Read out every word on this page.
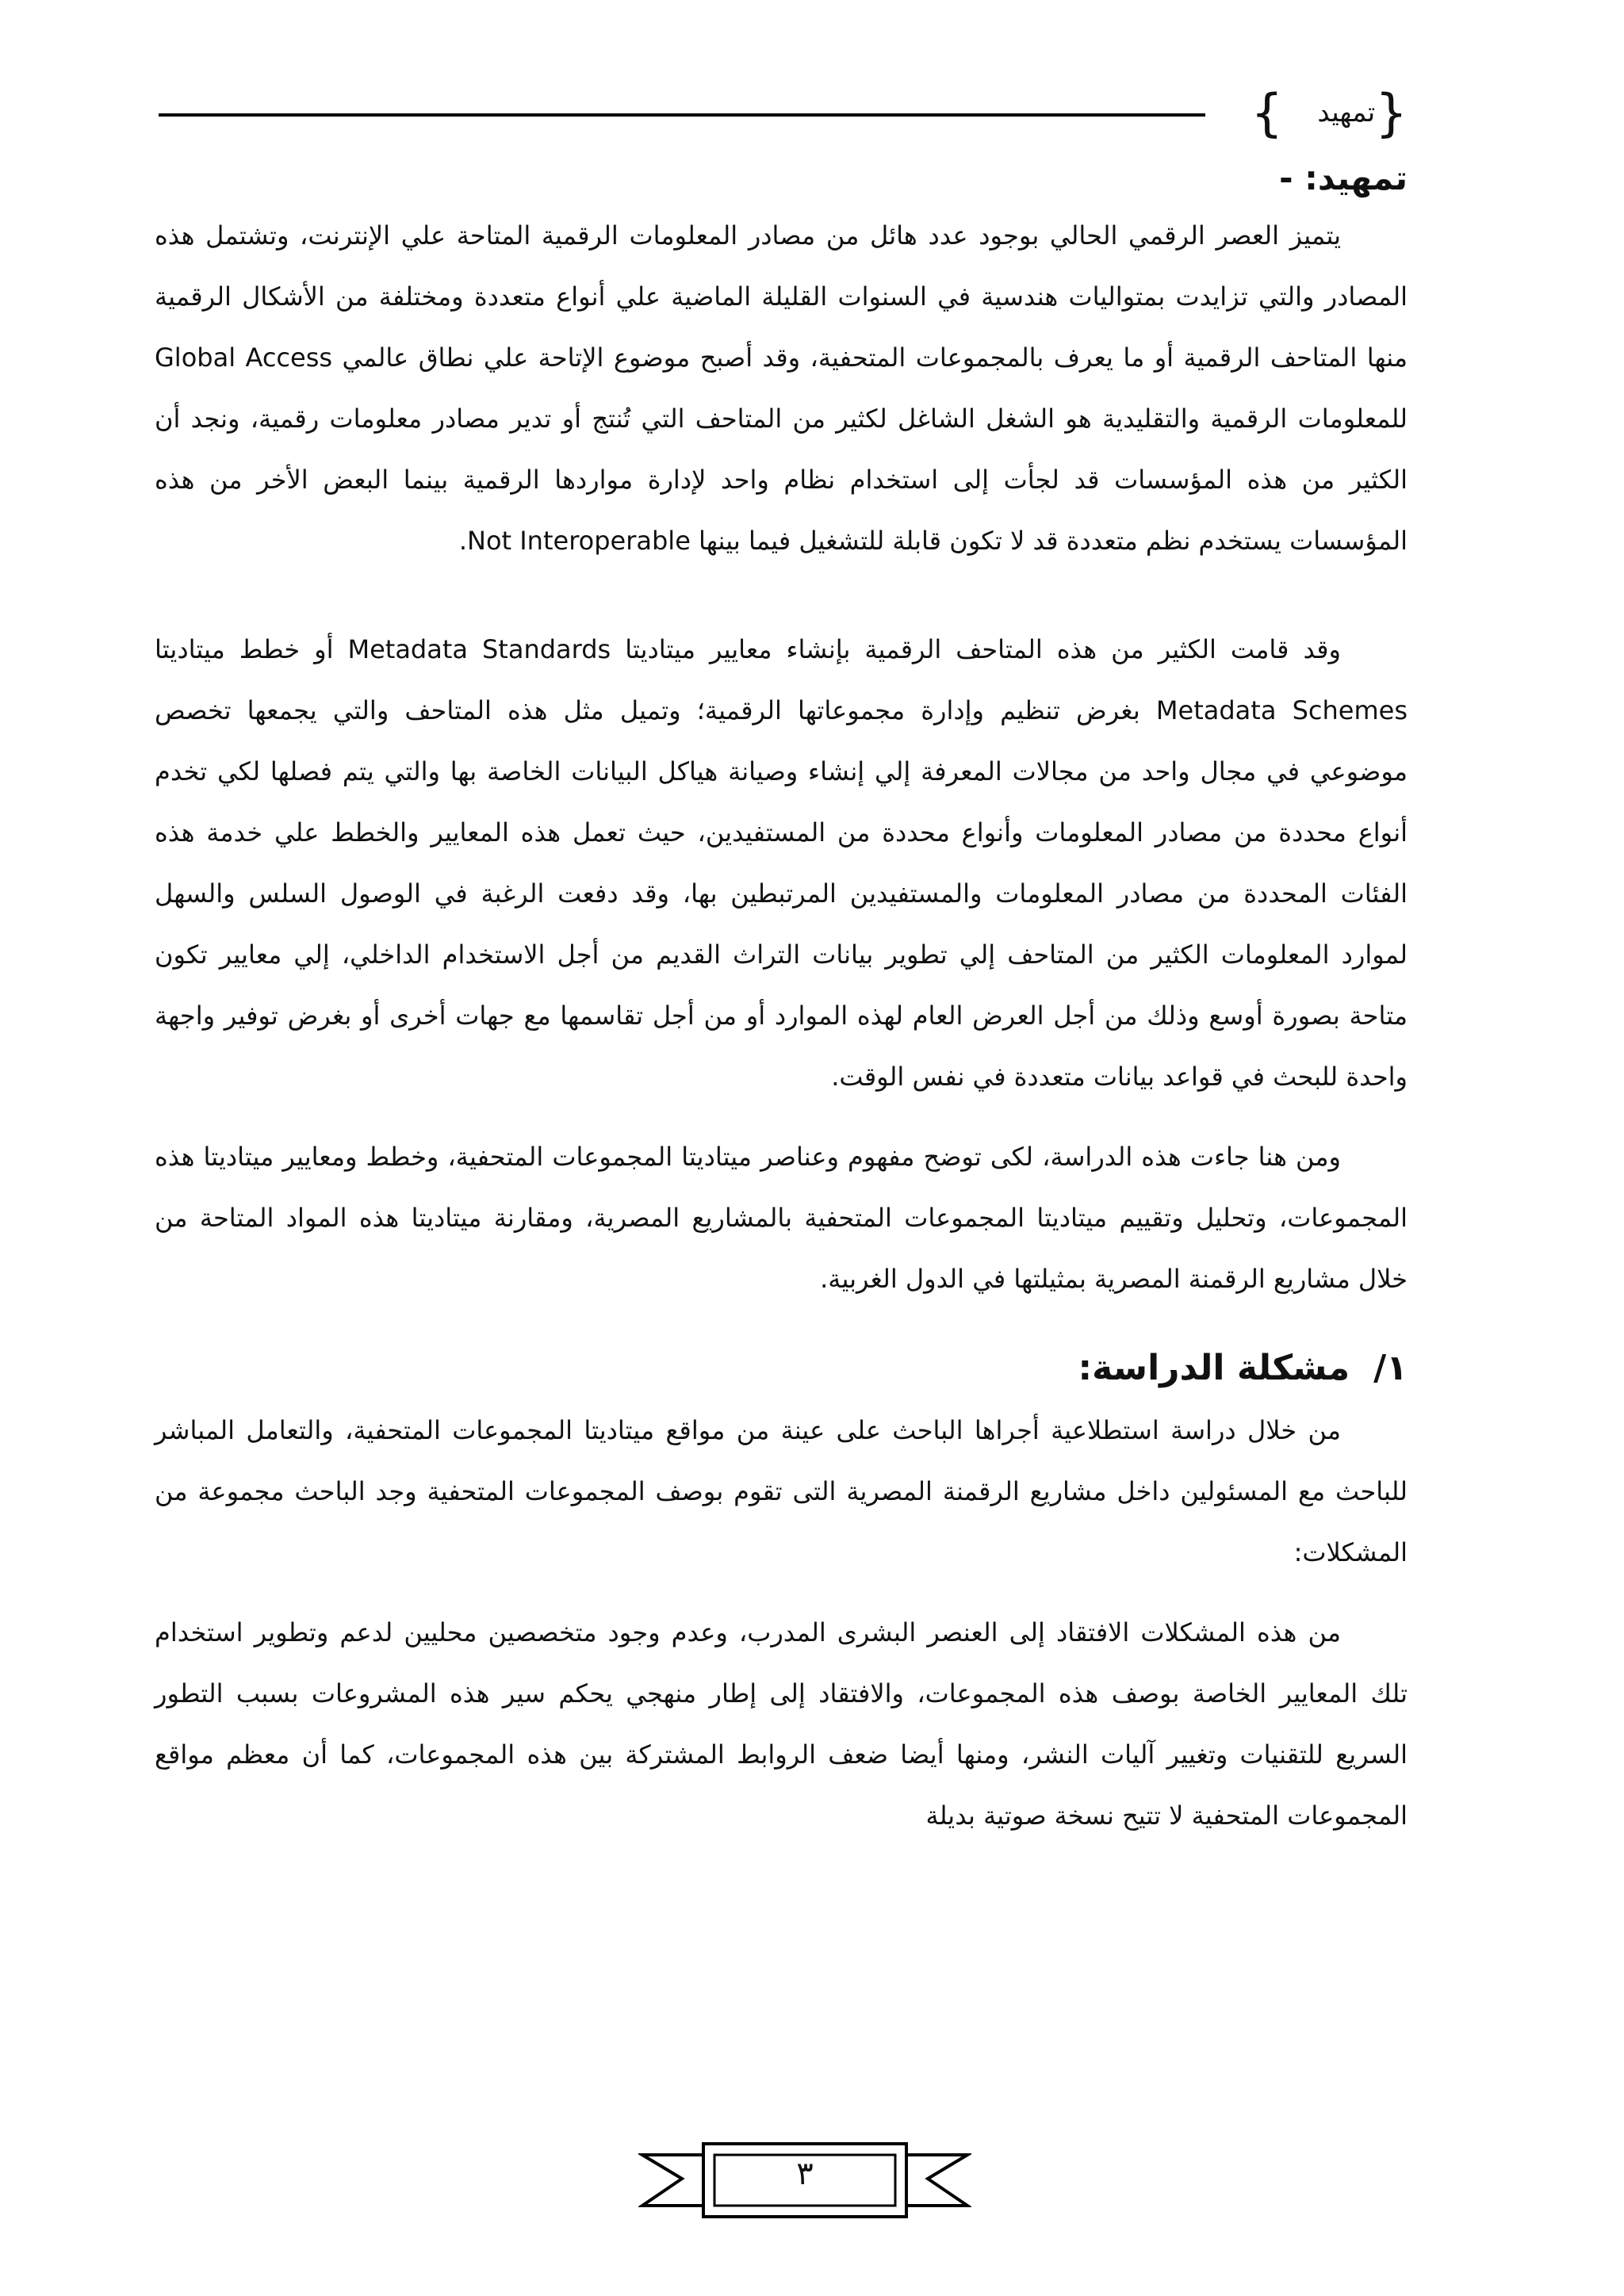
{تمهيد    }
تمهيد: -

يتميز العصر الرقمي الحالي بوجود عدد هائل من مصادر المعلومات الرقمية المتاحة علي الإنترنت، وتشتمل هذه المصادر والتي تزايدت بمتواليات هندسية في السنوات القليلة الماضية علي أنواع متعددة ومختلفة من الأشكال الرقمية منها المتاحف الرقمية أو ما يعرف بالمجموعات المتحفية، وقد أصبح موضوع الإتاحة علي نطاق عالمي Global Access للمعلومات الرقمية والتقليدية هو الشغل الشاغل لكثير من المتاحف التي تُنتج أو تدير مصادر معلومات رقمية، ونجد أن الكثير من هذه المؤسسات قد لجأت إلى استخدام نظام واحد لإدارة مواردها الرقمية بينما البعض الأخر من هذه المؤسسات يستخدم نظم متعددة قد لا تكون قابلة للتشغيل فيما بينها Not Interoperable.

وقد قامت الكثير من هذه المتاحف الرقمية بإنشاء معايير ميتاديتا Metadata Standards أو خطط ميتاديتا Metadata Schemes بغرض تنظيم وإدارة مجموعاتها الرقمية؛ وتميل مثل هذه المتاحف والتي يجمعها تخصص موضوعي في مجال واحد من مجالات المعرفة إلي إنشاء وصيانة هياكل البيانات الخاصة بها والتي يتم فصلها لكي تخدم أنواع محددة من مصادر المعلومات وأنواع محددة من المستفيدين، حيث تعمل هذه المعايير والخطط علي خدمة هذه الفئات المحددة من مصادر المعلومات والمستفيدين المرتبطين بها، وقد دفعت الرغبة في الوصول السلس والسهل لموارد المعلومات الكثير من المتاحف إلي تطوير بيانات التراث القديم من أجل الاستخدام الداخلي، إلي معايير تكون متاحة بصورة أوسع وذلك من أجل العرض العام لهذه الموارد أو من أجل تقاسمها مع جهات أخرى أو بغرض توفير واجهة واحدة للبحث في قواعد بيانات متعددة في نفس الوقت.

ومن هنا جاءت هذه الدراسة، لكى توضح مفهوم وعناصر ميتاديتا المجموعات المتحفية، وخطط ومعايير ميتاديتا هذه المجموعات، وتحليل وتقييم ميتاديتا المجموعات المتحفية بالمشاريع المصرية، ومقارنة ميتاديتا هذه المواد المتاحة من خلال مشاريع الرقمنة المصرية بمثيلتها في الدول الغربية.

١/مشكلة الدراسة:

من خلال دراسة استطلاعية أجراها الباحث على عينة من مواقع ميتاديتا المجموعات المتحفية، والتعامل المباشر للباحث مع المسئولين داخل مشاريع الرقمنة المصرية التى تقوم بوصف المجموعات المتحفية وجد الباحث مجموعة من المشكلات:

من هذه المشكلات الافتقاد إلى العنصر البشرى المدرب، وعدم وجود متخصصين محليين لدعم وتطوير استخدام تلك المعايير الخاصة بوصف هذه المجموعات، والافتقاد إلى إطار منهجي يحكم سير هذه المشروعات بسبب التطور السريع للتقنيات وتغيير آليات النشر، ومنها أيضا ضعف الروابط المشتركة بين هذه المجموعات، كما أن معظم مواقع المجموعات المتحفية لا تتيح نسخة صوتية بديلة

٣
